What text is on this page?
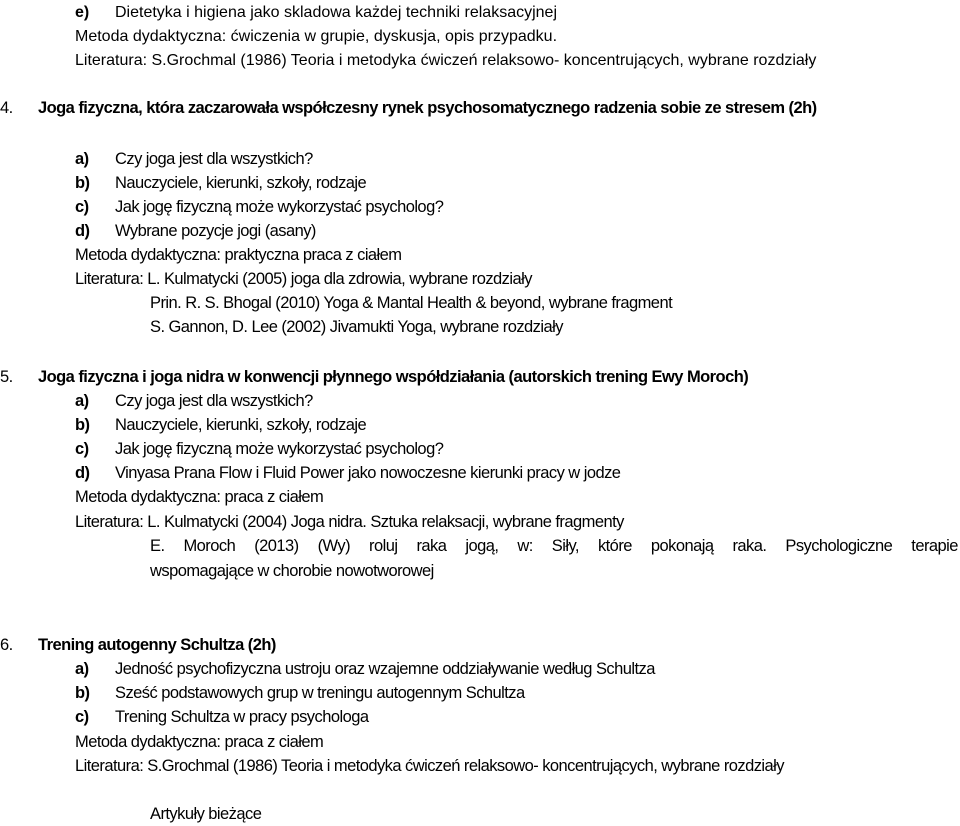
e) Dietetyka i higiena jako skladowa każdej techniki relaksacyjnej
Metoda dydaktyczna: ćwiczenia w grupie, dyskusja, opis przypadku.
Literatura: S.Grochmal (1986) Teoria i metodyka ćwiczeń relaksowo- koncentrujących, wybrane rozdziały
4. Joga fizyczna, która zaczarowała współczesny rynek psychosomatycznego radzenia sobie ze stresem (2h)
a) Czy joga jest dla wszystkich?
b) Nauczyciele, kierunki, szkoły, rodzaje
c) Jak jogę fizyczną może wykorzystać psycholog?
d) Wybrane pozycje jogi (asany)
Metoda dydaktyczna: praktyczna praca z ciałem
Literatura: L. Kulmatycki (2005) joga dla zdrowia, wybrane rozdziały
Prin. R. S. Bhogal (2010) Yoga & Mantal Health & beyond, wybrane fragment
S. Gannon, D. Lee (2002) Jivamukti Yoga, wybrane rozdziały
5. Joga fizyczna i joga nidra w konwencji płynnego współdziałania (autorskich trening Ewy Moroch)
a) Czy joga jest dla wszystkich?
b) Nauczyciele, kierunki, szkoły, rodzaje
c) Jak jogę fizyczną może wykorzystać psycholog?
d) Vinyasa Prana Flow i Fluid Power jako nowoczesne kierunki pracy w jodze
Metoda dydaktyczna: praca z ciałem
Literatura: L. Kulmatycki (2004) Joga nidra. Sztuka relaksacji, wybrane fragmenty
E. Moroch (2013) (Wy) roluj raka jogą, w: Siły, które pokonają raka. Psychologiczne terapie
wspomagające w chorobie nowotworowej
6. Trening autogenny Schultza (2h)
a) Jedność psychofizyczna ustroju oraz wzajemne oddziaływanie według Schultza
b) Sześć podstawowych grup w treningu autogennym Schultza
c) Trening Schultza w pracy psychologa
Metoda dydaktyczna: praca z ciałem
Literatura: S.Grochmal (1986) Teoria i metodyka ćwiczeń relaksowo- koncentrujących, wybrane rozdziały
Artykuły bieżące
